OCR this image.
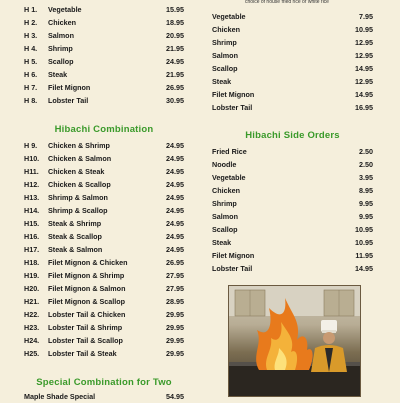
H 1. Vegetable	15.95
H 2. Chicken	18.95
H 3. Salmon	20.95
H 4. Shrimp	21.95
H 5. Scallop	24.95
H 6. Steak	21.95
H 7. Filet Mignon	26.95
H 8. Lobster Tail	30.95
Hibachi Combination
H 9. Chicken & Shrimp	24.95
H10. Chicken & Salmon	24.95
H11. Chicken & Steak	24.95
H12. Chicken & Scallop	24.95
H13. Shrimp & Salmon	24.95
H14. Shrimp & Scallop	24.95
H15. Steak & Shrimp	24.95
H16. Steak & Scallop	24.95
H17. Steak & Salmon	24.95
H18. Filet Mignon & Chicken	26.95
H19. Filet Mignon & Shrimp	27.95
H20. Filet Mignon & Salmon	27.95
H21. Filet Mignon & Scallop	28.95
H22. Lobster Tail & Chicken	29.95
H23. Lobster Tail & Shrimp	29.95
H24. Lobster Tail & Scallop	29.95
H25. Lobster Tail & Steak	29.95
Special Combination for Two
Maple Shade Special	54.95
choice of house fried rice or white rice
Vegetable	7.95
Chicken	10.95
Shrimp	12.95
Salmon	12.95
Scallop	14.95
Steak	12.95
Filet Mignon	14.95
Lobster Tail	16.95
Hibachi Side Orders
Fried Rice	2.50
Noodle	2.50
Vegetable	3.95
Chicken	8.95
Shrimp	9.95
Salmon	9.95
Scallop	10.95
Steak	10.95
Filet Mignon	11.95
Lobster Tail	14.95
